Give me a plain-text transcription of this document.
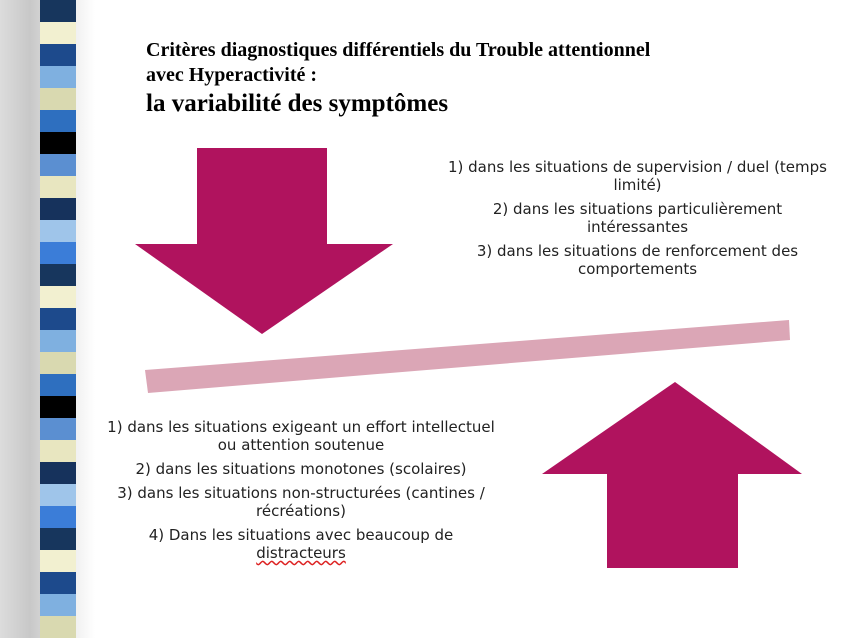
Critères diagnostiques différentiels du Trouble attentionnel
avec Hyperactivité :
la variabilité des symptômes

1) dans les situations de supervision / duel (temps limité)

2) dans les situations particulièrement intéressantes

3) dans les situations de renforcement des comportements

1) dans les situations exigeant un effort intellectuel ou attention soutenue

2) dans les situations monotones (scolaires)

3) dans les situations non-structurées (cantines / récréations)

4) Dans les situations avec beaucoup de
distracteurs
